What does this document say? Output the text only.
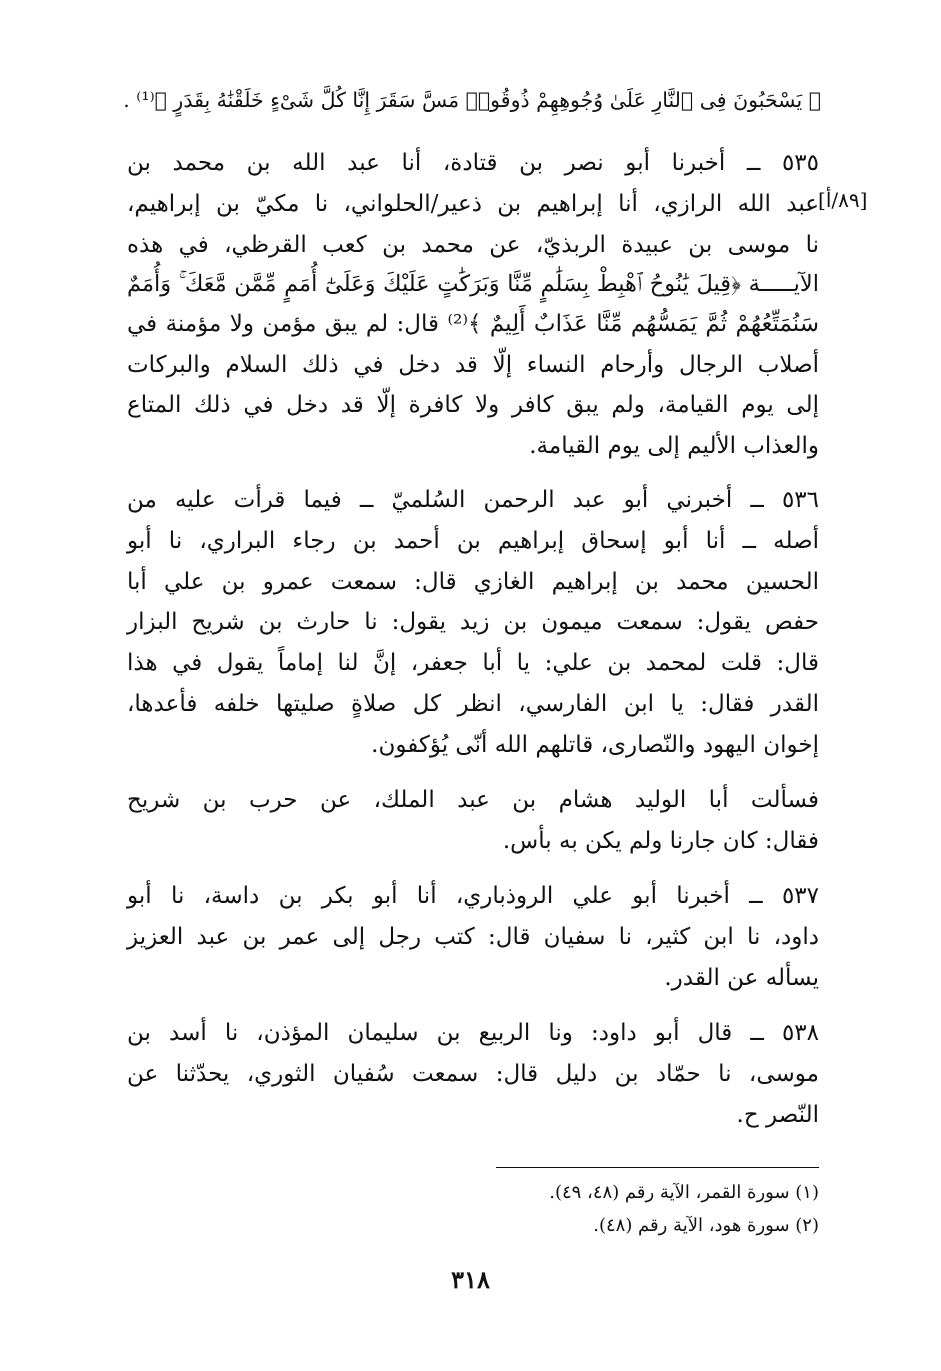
﴿ يَسْحَبُونَ فِى ٱلنَّارِ عَلَىٰ وُجُوهِهِمْ ذُوقُوا۟ مَسَّ سَقَرَ إِنَّا كُلَّ شَىْءٍ خَلَقْنَٰهُ بِقَدَرٍ ﴾⁽¹⁾ .
[٨٩/أ]
٥٣٥ ــ أخبرنا أبو نصر بن قتادة، أنا عبد الله بن محمد بن
عبد الله الرازي، أنا إبراهيم بن ذعير/الحلواني، نا مكيّ بن إبراهيم،
نا موسى بن عبيدة الربذيّ، عن محمد بن كعب القرظي، في هذه
الآيـــــة ﴿قِيلَ يَٰنُوحُ ٱهْبِطْ بِسَلَٰمٍ مِّنَّا وَبَرَكَٰتٍ عَلَيْكَ وَعَلَىٰٓ أُمَمٍ مِّمَّن مَّعَكَ ۚ وَأُمَمٌ
سَنُمَتِّعُهُمْ ثُمَّ يَمَسُّهُم مِّنَّا عَذَابٌ أَلِيمٌ ﴾⁽²⁾ قال: لم يبق مؤمن ولا مؤمنة في
أصلاب الرجال وأرحام النساء إلّا قد دخل في ذلك السلام والبركات
إلى يوم القيامة، ولم يبق كافر ولا كافرة إلّا قد دخل في ذلك المتاع
والعذاب الأليم إلى يوم القيامة.
٥٣٦ ــ أخبرني أبو عبد الرحمن السُلميّ ــ فيما قرأت عليه من
أصله ــ أنا أبو إسحاق إبراهيم بن أحمد بن رجاء البراري، نا أبو
الحسين محمد بن إبراهيم الغازي قال: سمعت عمرو بن علي أبا
حفص يقول: سمعت ميمون بن زيد يقول: نا حارث بن شريح البزار
قال: قلت لمحمد بن علي: يا أبا جعفر، إنَّ لنا إماماً يقول في هذا
القدر فقال: يا ابن الفارسي، انظر كل صلاةٍ صليتها خلفه فأعدها،
إخوان اليهود والنّصارى، قاتلهم الله أنّى يُؤكفون.
فسألت أبا الوليد هشام بن عبد الملك، عن حرب بن شريح
فقال: كان جارنا ولم يكن به بأس.
٥٣٧ ــ أخبرنا أبو علي الروذباري، أنا أبو بكر بن داسة، نا أبو
داود، نا ابن كثير، نا سفيان قال: كتب رجل إلى عمر بن عبد العزيز
يسأله عن القدر.
٥٣٨ ــ قال أبو داود: ونا الربيع بن سليمان المؤذن، نا أسد بن
موسى، نا حمّاد بن دليل قال: سمعت سُفيان الثوري، يحدّثنا عن
النّصر ح.
(١) سورة القمر، الآية رقم (٤٨، ٤٩).
(٢) سورة هود، الآية رقم (٤٨).
٣١٨
